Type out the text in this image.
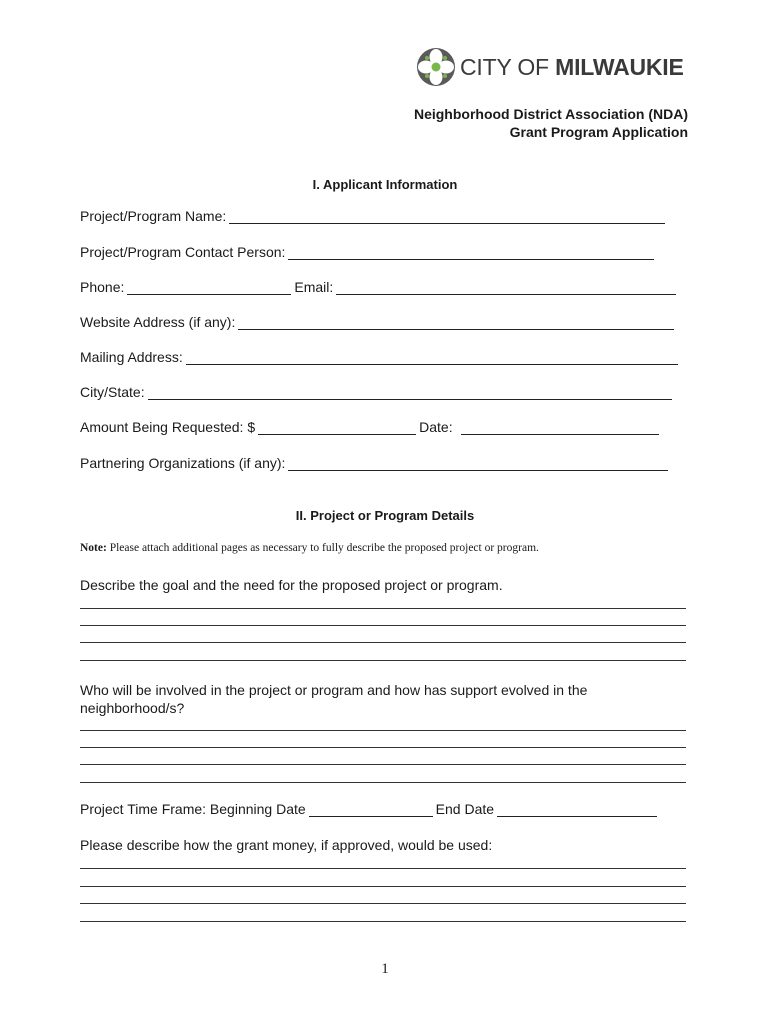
CITY OF MILWAUKIE
Neighborhood District Association (NDA)
Grant Program Application
I. Applicant Information
Project/Program Name:
Project/Program Contact Person:
Phone:	Email:
Website Address (if any):
Mailing Address:
City/State:
Amount Being Requested: $	Date:
Partnering Organizations (if any):
II. Project or Program Details
Note: Please attach additional pages as necessary to fully describe the proposed project or program.
Describe the goal and the need for the proposed project or program.
Who will be involved in the project or program and how has support evolved in the neighborhood/s?
Project Time Frame: Beginning Date	End Date
Please describe how the grant money, if approved, would be used:
1
